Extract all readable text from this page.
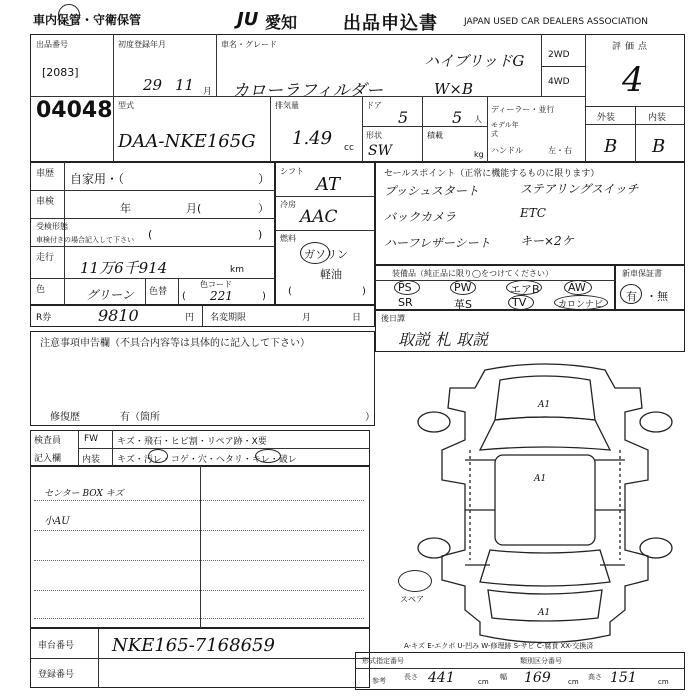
車内保管・守衛保管	JU 愛知	出品申込書	JAPAN USED CAR DEALERS ASSOCIATION
出品番号
[2083]
04048
初度登録年月
29 11 月
車名・グレード
ハイブリッドG
カローラフィルダー	W×B
2WD
4WD
評価点
4
外装	内装
B B
型式
DAA-NKE165G
排気量
1.49 cc
ドア
5	5 人
形状
SW
積載
kg
ディーラー・並行
モデル年式
ハンドル	左・右
車歴 自家用・（	）
車検	年	月(	）
受検形態
車検付きの場合記入して下さい (	)
走行
11万6千914	km
色	グリーン 色替
色コード
( 221	)
シフト
AT
冷房
AAC
燃料
ガソリン
軽油
(	)
セールスポイント（正常に機能するものに限ります）
プッシュスタート	ステアリングスイッチ
バックカメラ	ETC
ハーフレザーシート キー×2ケ
装備品（純正品に限り◯をつけてください）
PS	PW	エアB	AW
SR	革S	TV	カロンナビ
新車保証書
有 ・無
R券	9810	円 名変期限	月	日 後日譚
取説 札 取説
注意事項申告欄（不具合内容等は具体的に記入して下さい）
修復歴	有（箇所	）
検査員
記入欄
FW キズ・飛石・ヒビ割・リペア跡・X要
内装 キズ・汚レ・コゲ・穴・ヘタリ・キレ・破レ
センター BOX キズ
小AU
A1
A1
A1
スペア
A-キズ E-エクボ U-凹み W-修理跡 S-サビ C-腐食 XX-交換済
車台番号 NKE165-7168659
登録番号
形式指定番号	類別区分番号
参考	長さ 441	cm
幅 169 cm
高さ 151	cm
